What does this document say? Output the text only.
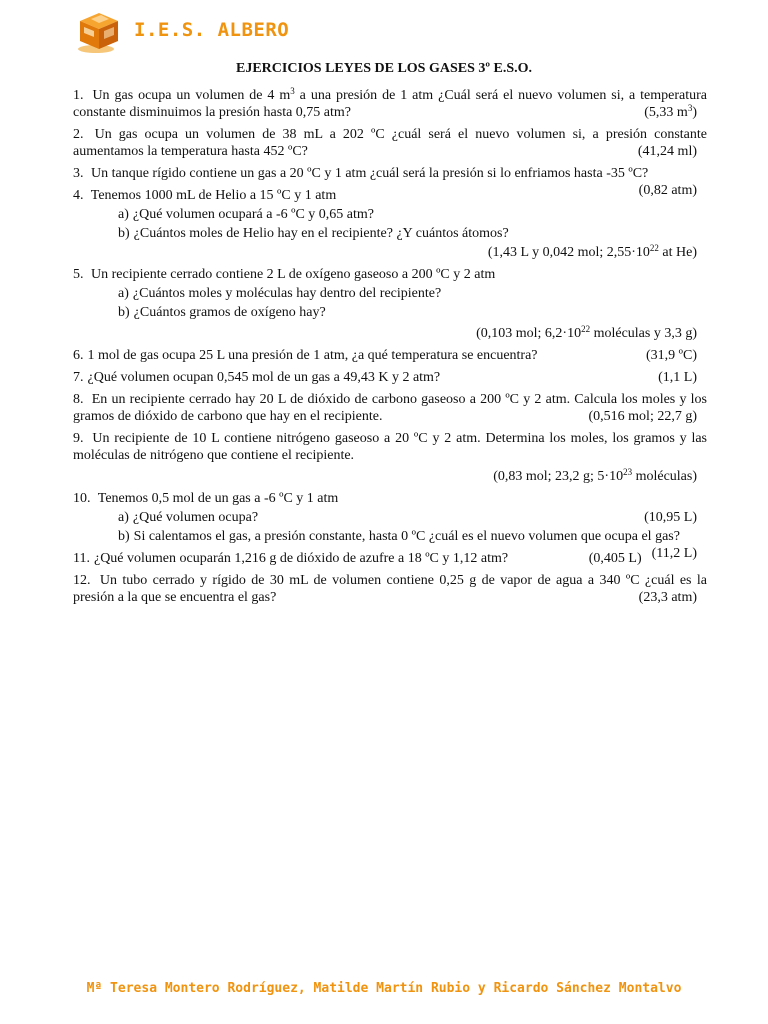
I.E.S. ALBERO
EJERCICIOS LEYES DE LOS GASES 3º E.S.O.
1. Un gas ocupa un volumen de 4 $m^3$ a una presión de 1 atm ¿Cuál será el nuevo volumen si, a temperatura constante disminuimos la presión hasta 0,75 atm?	(5,33 $m^3$)
2. Un gas ocupa un volumen de 38 mL a 202 ºC ¿cuál será el nuevo volumen si, a presión constante aumentamos la temperatura hasta 452 ºC?	(41,24 ml)
3. Un tanque rígido contiene un gas a 20 ºC y 1 atm ¿cuál será la presión si lo enfriamos hasta -35 ºC?
(0,82 atm)
4. Tenemos 1000 mL de Helio a 15 ºC y 1 atm
a) ¿Qué volumen ocupará a -6 ºC y 0,65 atm?
b) ¿Cuántos moles de Helio hay en el recipiente? ¿Y cuántos átomos?
(1,43 L y 0,042 mol; $2,55\cdot 10^{22}$ at He)
5. Un recipiente cerrado contiene 2 L de oxígeno gaseoso a 200 ºC y 2 atm
a) ¿Cuántos moles y moléculas hay dentro del recipiente?
b) ¿Cuántos gramos de oxígeno hay?
(0,103 mol; $6,2\cdot 10^{22}$ moléculas y 3,3 g)
6. 1 mol de gas ocupa 25 L una presión de 1 atm, ¿a qué temperatura se encuentra?	(31,9 ºC)
7. ¿Qué volumen ocupan 0,545 mol de un gas a 49,43 K y 2 atm?	(1,1 L)
8. En un recipiente cerrado hay 20 L de dióxido de carbono gaseoso a 200 ºC y 2 atm. Calcula los moles y los gramos de dióxido de carbono que hay en el recipiente.	(0,516 mol; 22,7 g)
9. Un recipiente de 10 L contiene nitrógeno gaseoso a 20 ºC y 2 atm. Determina los moles, los gramos y las moléculas de nitrógeno que contiene el recipiente.
(0,83 mol; 23,2 g; $5\cdot 10^{23}$ moléculas)
10. Tenemos 0,5 mol de un gas a -6 ºC y 1 atm
a) ¿Qué volumen ocupa?	(10,95 L)
b) Si calentamos el gas, a presión constante, hasta 0 ºC ¿cuál es el nuevo volumen que ocupa el gas?
(11,2 L)
11. ¿Qué volumen ocuparán 1,216 g de dióxido de azufre a 18 ºC y 1,12 atm?	(0,405 L)
12. Un tubo cerrado y rígido de 30 mL de volumen contiene 0,25 g de vapor de agua a 340 ºC ¿cuál es la presión a la que se encuentra el gas?	(23,3 atm)
Mª Teresa Montero Rodríguez, Matilde Martín Rubio y Ricardo Sánchez Montalvo
